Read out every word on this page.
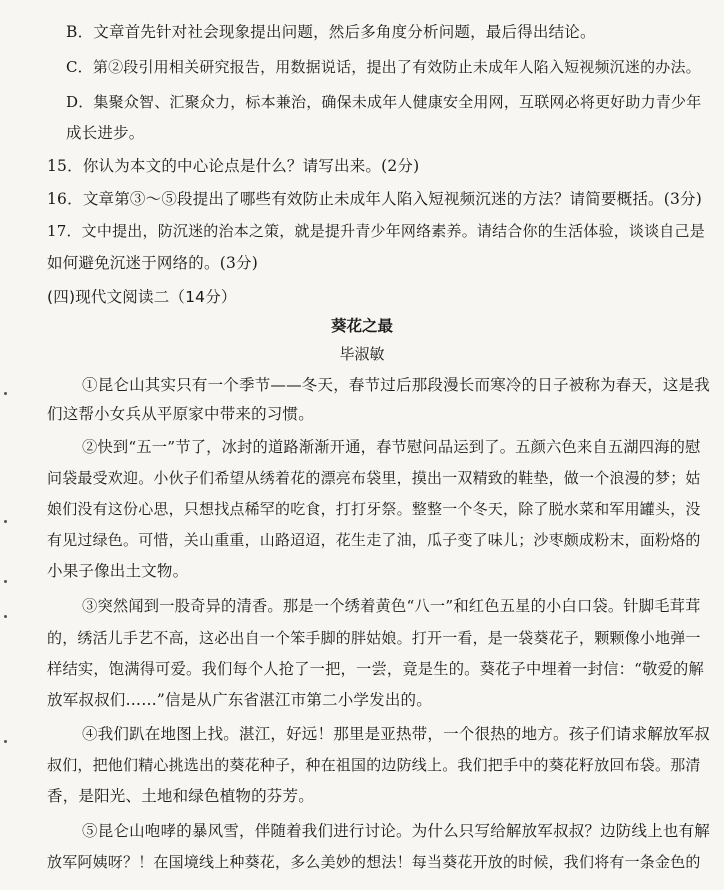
B．文章首先针对社会现象提出问题，然后多角度分析问题，最后得出结论。
C．第②段引用相关研究报告，用数据说话，提出了有效防止未成年人陷入短视频沉迷的办法。
D．集聚众智、汇聚众力，标本兼治，确保未成年人健康安全用网，互联网必将更好助力青少年
成长进步。
15．你认为本文的中心论点是什么？请写出来。(2分)
16．文章第③～⑤段提出了哪些有效防止未成年人陷入短视频沉迷的方法？请简要概括。(3分)
17．文中提出，防沉迷的治本之策，就是提升青少年网络素养。请结合你的生活体验，谈谈自己是
如何避免沉迷于网络的。(3分)
(四)现代文阅读二（14分）
葵花之最
毕淑敏
①昆仑山其实只有一个季节——冬天，春节过后那段漫长而寒冷的日子被称为春天，这是我
们这帮小女兵从平原家中带来的习惯。
②快到“五一”节了，冰封的道路渐渐开通，春节慰问品运到了。五颜六色来自五湖四海的慰
问袋最受欢迎。小伙子们希望从绣着花的漂亮布袋里，摸出一双精致的鞋垫，做一个浪漫的梦；姑
娘们没有这份心思，只想找点稀罕的吃食，打打牙祭。整整一个冬天，除了脱水菜和军用罐头，没
有见过绿色。可惜，关山重重，山路迢迢，花生走了油，瓜子变了味儿；沙枣颇成粉末，面粉烙的
小果子像出土文物。
③突然闻到一股奇异的清香。那是一个绣着黄色“八一”和红色五星的小白口袋。针脚毛茸茸
的，绣活儿手艺不高，这必出自一个笨手脚的胖姑娘。打开一看，是一袋葵花子，颗颗像小地弹一
样结实，饱满得可爱。我们每个人抢了一把，一尝，竟是生的。葵花子中埋着一封信：“敬爱的解
放军叔叔们……”信是从广东省湛江市第二小学发出的。
④我们趴在地图上找。湛江，好远！那里是亚热带，一个很热的地方。孩子们请求解放军叔
叔们，把他们精心挑选出的葵花种子，种在祖国的边防线上。我们把手中的葵花籽放回布袋。那清
香，是阳光、土地和绿色植物的芬芳。
⑤昆仑山咆哮的暴风雪，伴随着我们进行讨论。为什么只写给解放军叔叔？边防线上也有解
放军阿姨呀？！在国境线上种葵花，多么美妙的想法！每当葵花开放的时候，我们将有一条金色的
